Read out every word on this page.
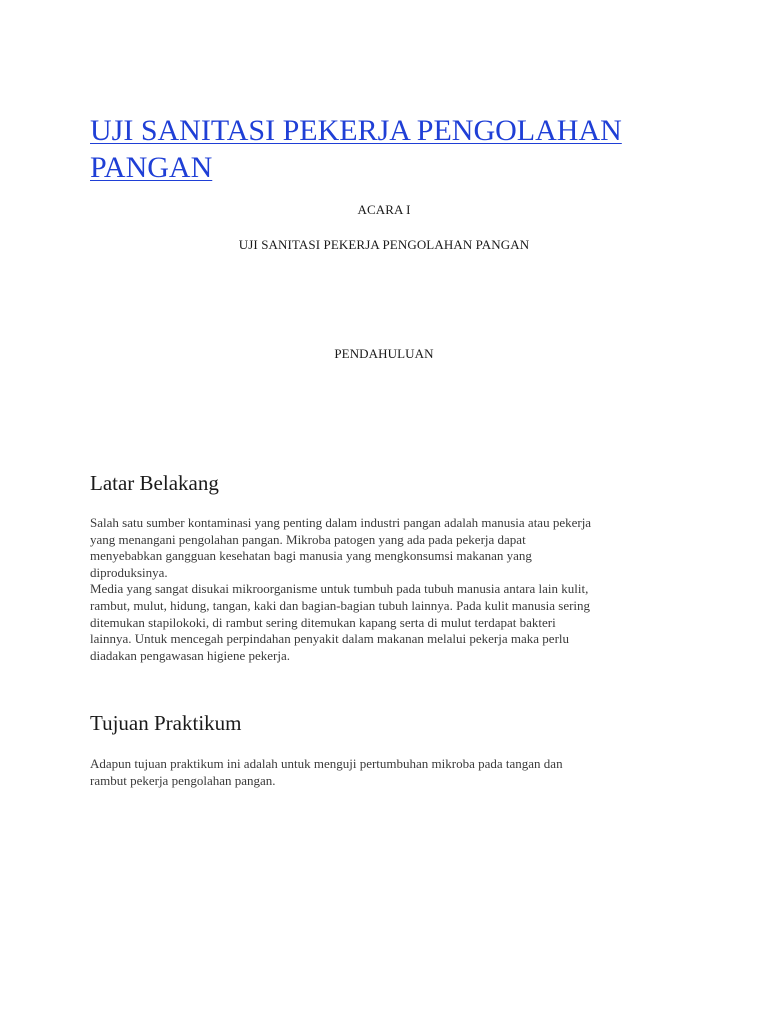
UJI SANITASI PEKERJA PENGOLAHAN
PANGAN
ACARA I
UJI SANITASI PEKERJA PENGOLAHAN PANGAN
PENDAHULUAN
Latar Belakang

Salah satu sumber kontaminasi yang penting dalam industri pangan adalah manusia atau pekerja
yang menangani pengolahan pangan. Mikroba patogen yang ada pada pekerja dapat
menyebabkan gangguan kesehatan bagi manusia yang mengkonsumsi makanan yang
diproduksinya.
Media yang sangat disukai mikroorganisme untuk tumbuh pada tubuh manusia antara lain kulit,
rambut, mulut, hidung, tangan, kaki dan bagian-bagian tubuh lainnya. Pada kulit manusia sering
ditemukan stapilokoki, di rambut sering ditemukan kapang serta di mulut terdapat bakteri
lainnya. Untuk mencegah perpindahan penyakit dalam makanan melalui pekerja maka perlu
diadakan pengawasan higiene pekerja.

Tujuan Praktikum

Adapun tujuan praktikum ini adalah untuk menguji pertumbuhan mikroba pada tangan dan
rambut pekerja pengolahan pangan.
